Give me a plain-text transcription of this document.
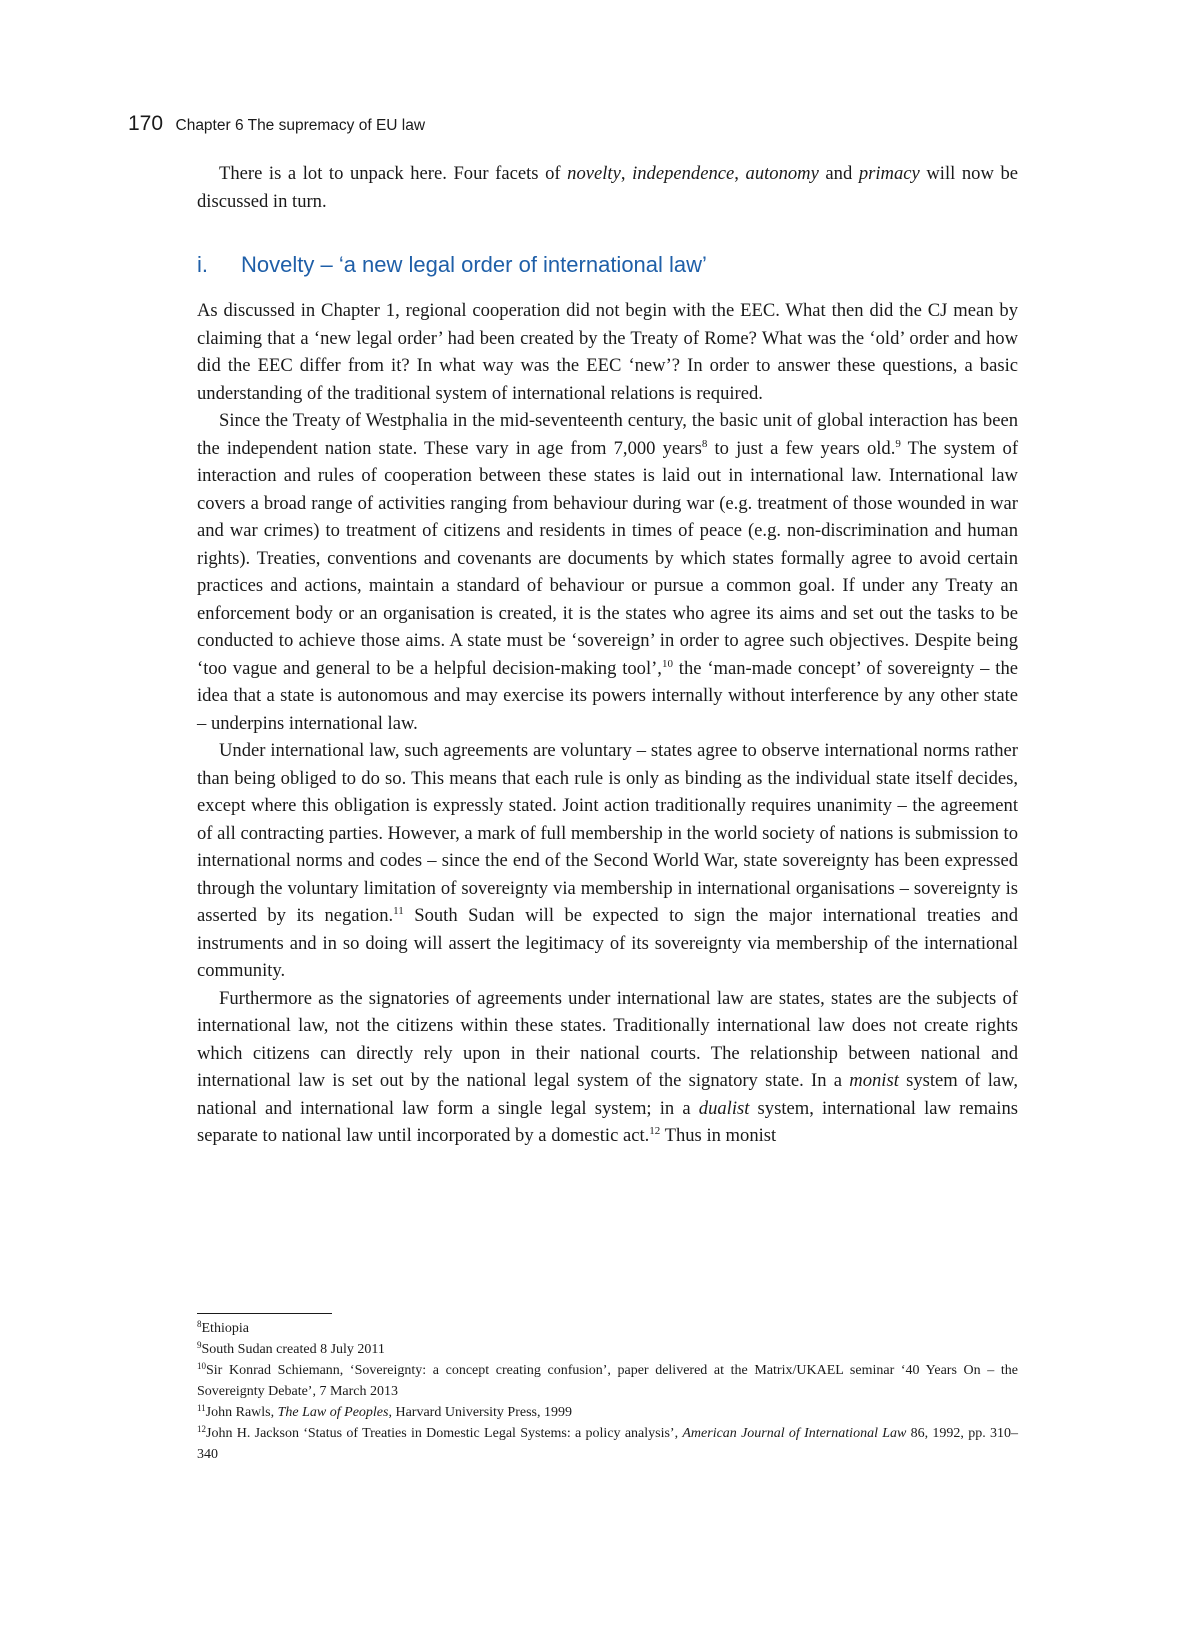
170 Chapter 6 The supremacy of EU law

There is a lot to unpack here. Four facets of novelty, independence, autonomy and primacy will now be discussed in turn.

i. Novelty – ‘a new legal order of international law’

As discussed in Chapter 1, regional cooperation did not begin with the EEC. What then did the CJ mean by claiming that a ‘new legal order’ had been created by the Treaty of Rome? What was the ‘old’ order and how did the EEC differ from it? In what way was the EEC ‘new’? In order to answer these questions, a basic understanding of the traditional system of international relations is required.

Since the Treaty of Westphalia in the mid-seventeenth century, the basic unit of global interaction has been the independent nation state. These vary in age from 7,000 years$^8$ to just a few years old.$^9$ The system of interaction and rules of cooperation between these states is laid out in international law. International law covers a broad range of activities ranging from behaviour during war (e.g. treatment of those wounded in war and war crimes) to treatment of citizens and residents in times of peace (e.g. non-discrimination and human rights). Treaties, conventions and covenants are documents by which states formally agree to avoid certain practices and actions, maintain a standard of behaviour or pursue a common goal. If under any Treaty an enforcement body or an organisation is created, it is the states who agree its aims and set out the tasks to be conducted to achieve those aims. A state must be ‘sovereign’ in order to agree such objectives. Despite being ‘too vague and general to be a helpful decision-making tool’,$^{10}$ the ‘man-made concept’ of sovereignty – the idea that a state is autonomous and may exercise its powers internally without interference by any other state – underpins international law.

Under international law, such agreements are voluntary – states agree to observe international norms rather than being obliged to do so. This means that each rule is only as binding as the individual state itself decides, except where this obligation is expressly stated. Joint action traditionally requires unanimity – the agreement of all contracting parties. However, a mark of full membership in the world society of nations is submission to international norms and codes – since the end of the Second World War, state sovereignty has been expressed through the voluntary limitation of sovereignty via membership in international organisations – sovereignty is asserted by its negation.$^{11}$ South Sudan will be expected to sign the major international treaties and instruments and in so doing will assert the legitimacy of its sovereignty via membership of the international community.

Furthermore as the signatories of agreements under international law are states, states are the subjects of international law, not the citizens within these states. Traditionally international law does not create rights which citizens can directly rely upon in their national courts. The relationship between national and international law is set out by the national legal system of the signatory state. In a monist system of law, national and international law form a single legal system; in a dualist system, international law remains separate to national law until incorporated by a domestic act.$^{12}$ Thus in monist

$^8$Ethiopia

$^9$South Sudan created 8 July 2011

$^{10}$Sir Konrad Schiemann, ‘Sovereignty: a concept creating confusion’, paper delivered at the Matrix/UKAEL seminar ‘40 Years On – the Sovereignty Debate’, 7 March 2013

$^{11}$John Rawls, The Law of Peoples, Harvard University Press, 1999

$^{12}$John H. Jackson ‘Status of Treaties in Domestic Legal Systems: a policy analysis’, American Journal of International Law 86, 1992, pp. 310–340
